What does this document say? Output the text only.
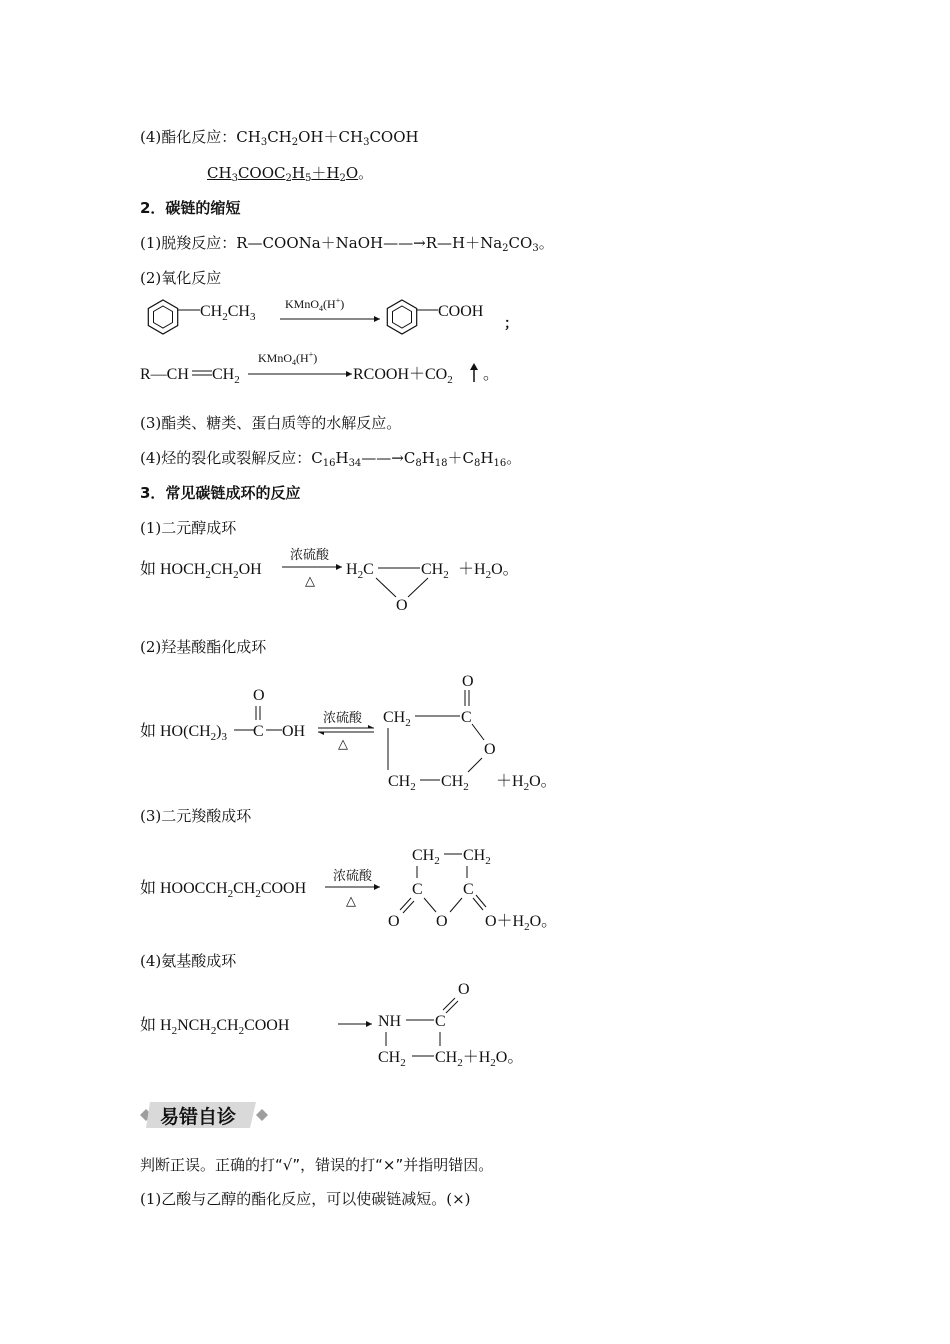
(4)酯化反应：$CH_3CH_2OH+CH_3COOH$
$CH_3COOC_2H_5+H_2O$。
2．碳链的缩短
(1)脱羧反应：$R—COONa+NaOH——\to R—H+Na_2CO_3$。
(2)氧化反应
$CH_2CH_3$
KMnO$_4$(H+)	COOH
；
R—CH $CH_2$
KMnO$_4$(H+)
$RCOOH+CO_2$ 。
(3)酯类、糖类、蛋白质等的水解反应。
(4)烃的裂化或裂解反应：$C_{16}H_{34}——\to C_8H_{18}+C_8H_{16}$。
3．常见碳链成环的反应
(1)二元醇成环
如 $HOCH_2CH_2OH$
浓硫酸
△
$H_2C$	$CH_2$
O
$+H_2O$。
(2)羟基酸酯化成环
如 $HO(CH_2)_3$ C
O
OH
浓硫酸
△
$CH_2$	C
O
O
$CH_2$ $CH_2 +H_2O$。
(3)二元羧酸成环
如 $HOOCCH_2CH_2COOH$
浓硫酸
△
$CH_2$ $CH_2$
C	C
O O $O+H_2O$。
(4)氨基酸成环
如 $H_2NCH_2CH_2COOH$	NH C
O
$CH_2$ $CH_2+H_2O$。
易错自诊
判断正误。正确的打“√”，错误的打“×”并指明错因。
(1)乙酸与乙醇的酯化反应，可以使碳链减短。(×)
